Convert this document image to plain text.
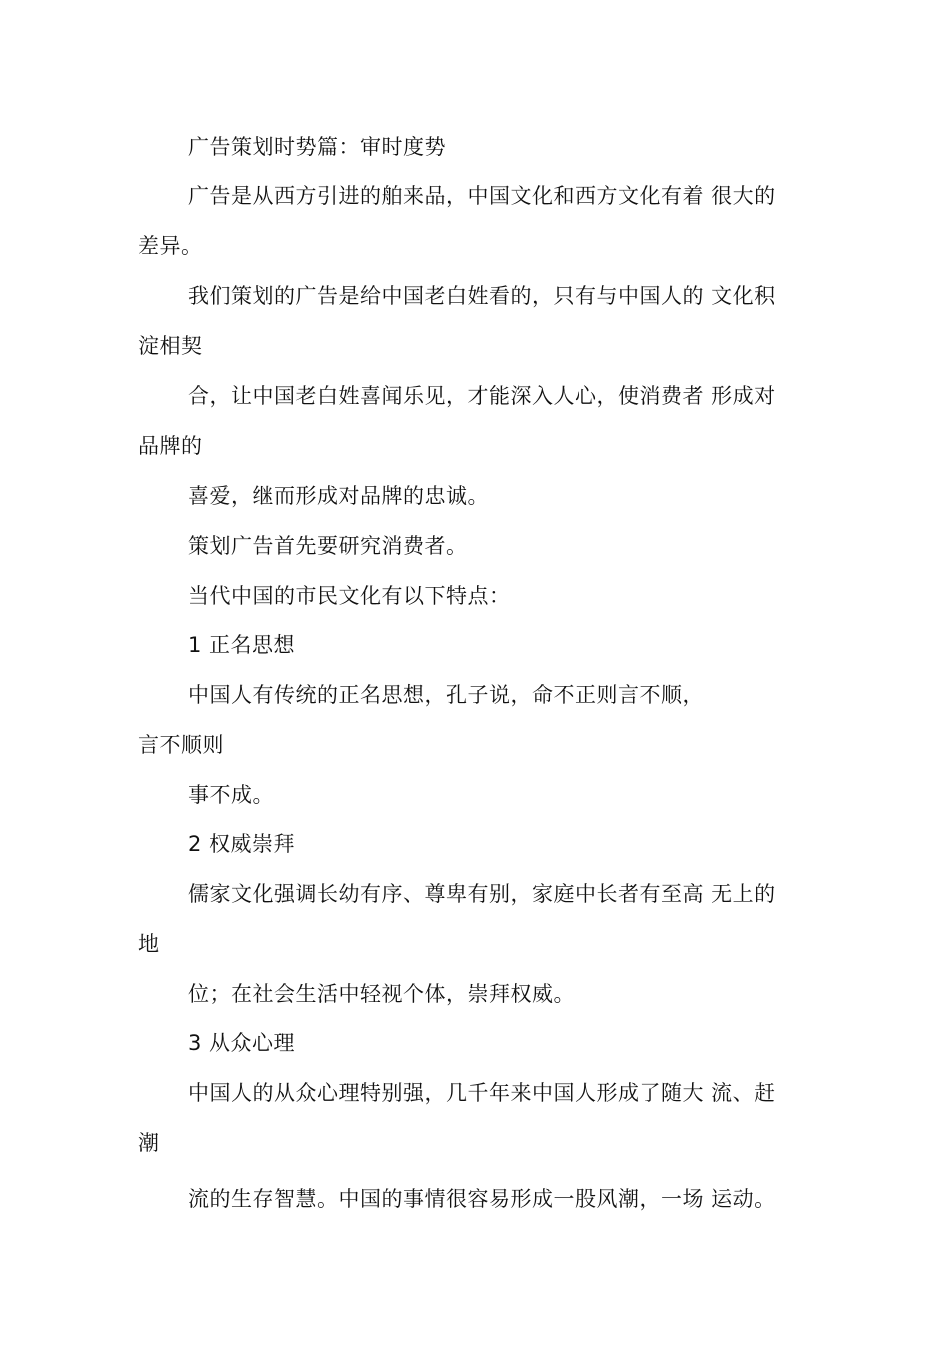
广告策划时势篇：审时度势
广告是从西方引进的舶来品，中国文化和西方文化有着 很大的
差异。
我们策划的广告是给中国老白姓看的，只有与中国人的 文化积
淀相契
合，让中国老白姓喜闻乐见，才能深入人心，使消费者 形成对
品牌的
喜爱，继而形成对品牌的忠诚。
策划广告首先要研究消费者。
当代中国的市民文化有以下特点：
1 正名思想
中国人有传统的正名思想，孔子说，命不正则言不顺，
言不顺则
事不成。
2 权威崇拜
儒家文化强调长幼有序、尊卑有别，家庭中长者有至高 无上的
地
位；在社会生活中轻视个体，崇拜权威。
3 从众心理
中国人的从众心理特别强，几千年来中国人形成了随大 流、赶
潮
流的生存智慧。中国的事情很容易形成一股风潮，一场 运动。
